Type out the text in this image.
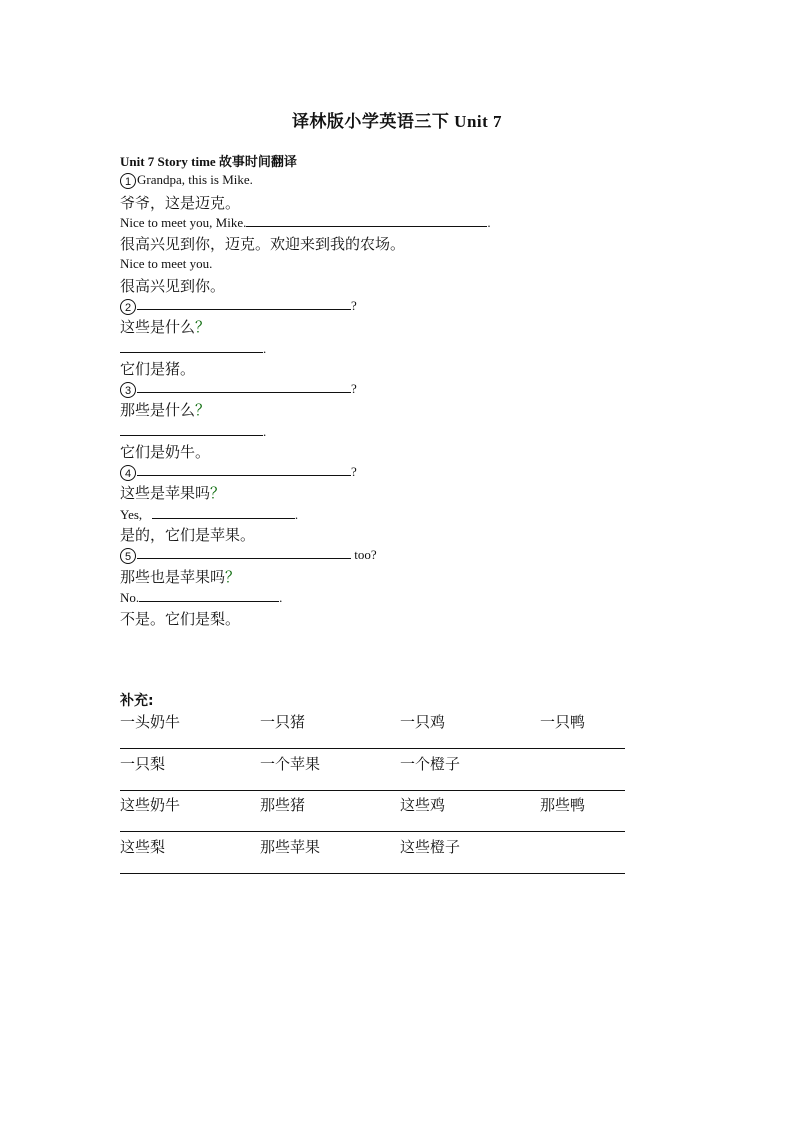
译林版小学英语三下 Unit 7
Unit 7 Story time 故事时间翻译
1 Grandpa, this is Mike.
爷爷，这是迈克。
Nice to meet you, Mike.	.
很高兴见到你，迈克。欢迎来到我的农场。
Nice to meet you.
很高兴见到你。
2	?
这些是什么？
.
它们是猪。
3	?
那些是什么？
.
它们是奶牛。
4	?
这些是苹果吗？
Yes,	.
是的，它们是苹果。
5	too?
那些也是苹果吗？
No.	.
不是。它们是梨。
补充:
一头奶牛	一只猪	一只鸡	一只鸭
一只梨	一个苹果	一个橙子
这些奶牛	那些猪	这些鸡	那些鸭
这些梨	那些苹果	这些橙子
